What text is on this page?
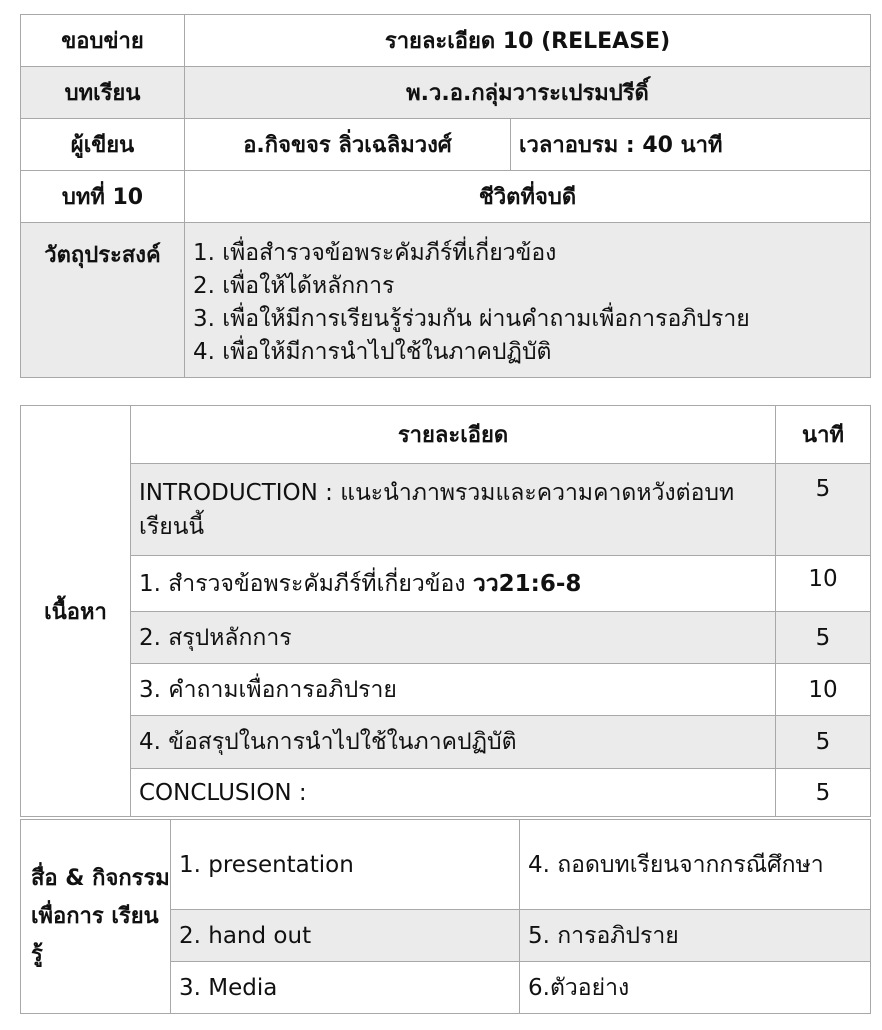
ขอบข่าย	รายละเอียด 10 (RELEASE)	
บทเรียน	พ.ว.อ.กลุ่มวาระเปรมปรีดิ์	
ผู้เขียน	อ.กิจขจร ลิ่วเฉลิมวงศ์	เวลาอบรม : 40 นาที
บทที่ 10	ชีวิตที่จบดี	
วัตถุประสงค์	1. เพื่อสำรวจข้อพระคัมภีร์ที่เกี่ยวข้อง
2. เพื่อให้ได้หลักการ
3. เพื่อให้มีการเรียนรู้ร่วมกัน ผ่านคำถามเพื่อการอภิปราย
4. เพื่อให้มีการนำไปใช้ในภาคปฏิบัติ	
เนื้อหา	รายละเอียด	นาที
	INTRODUCTION : แนะนำภาพรวมและความคาดหวังต่อบทเรียนนี้	5
	1. สำรวจข้อพระคัมภีร์ที่เกี่ยวข้อง วว21:6-8	10
	2. สรุปหลักการ	5
	3. คำถามเพื่อการอภิปราย	10
	4. ข้อสรุปในการนำไปใช้ในภาคปฏิบัติ	5
	CONCLUSION :	5
สื่อ & กิจกรรม เพื่อการ เรียนรู้	1. presentation	4. ถอดบทเรียนจากกรณีศึกษา
	2. hand out	5. การอภิปราย
	3. Media	6.ตัวอย่าง
